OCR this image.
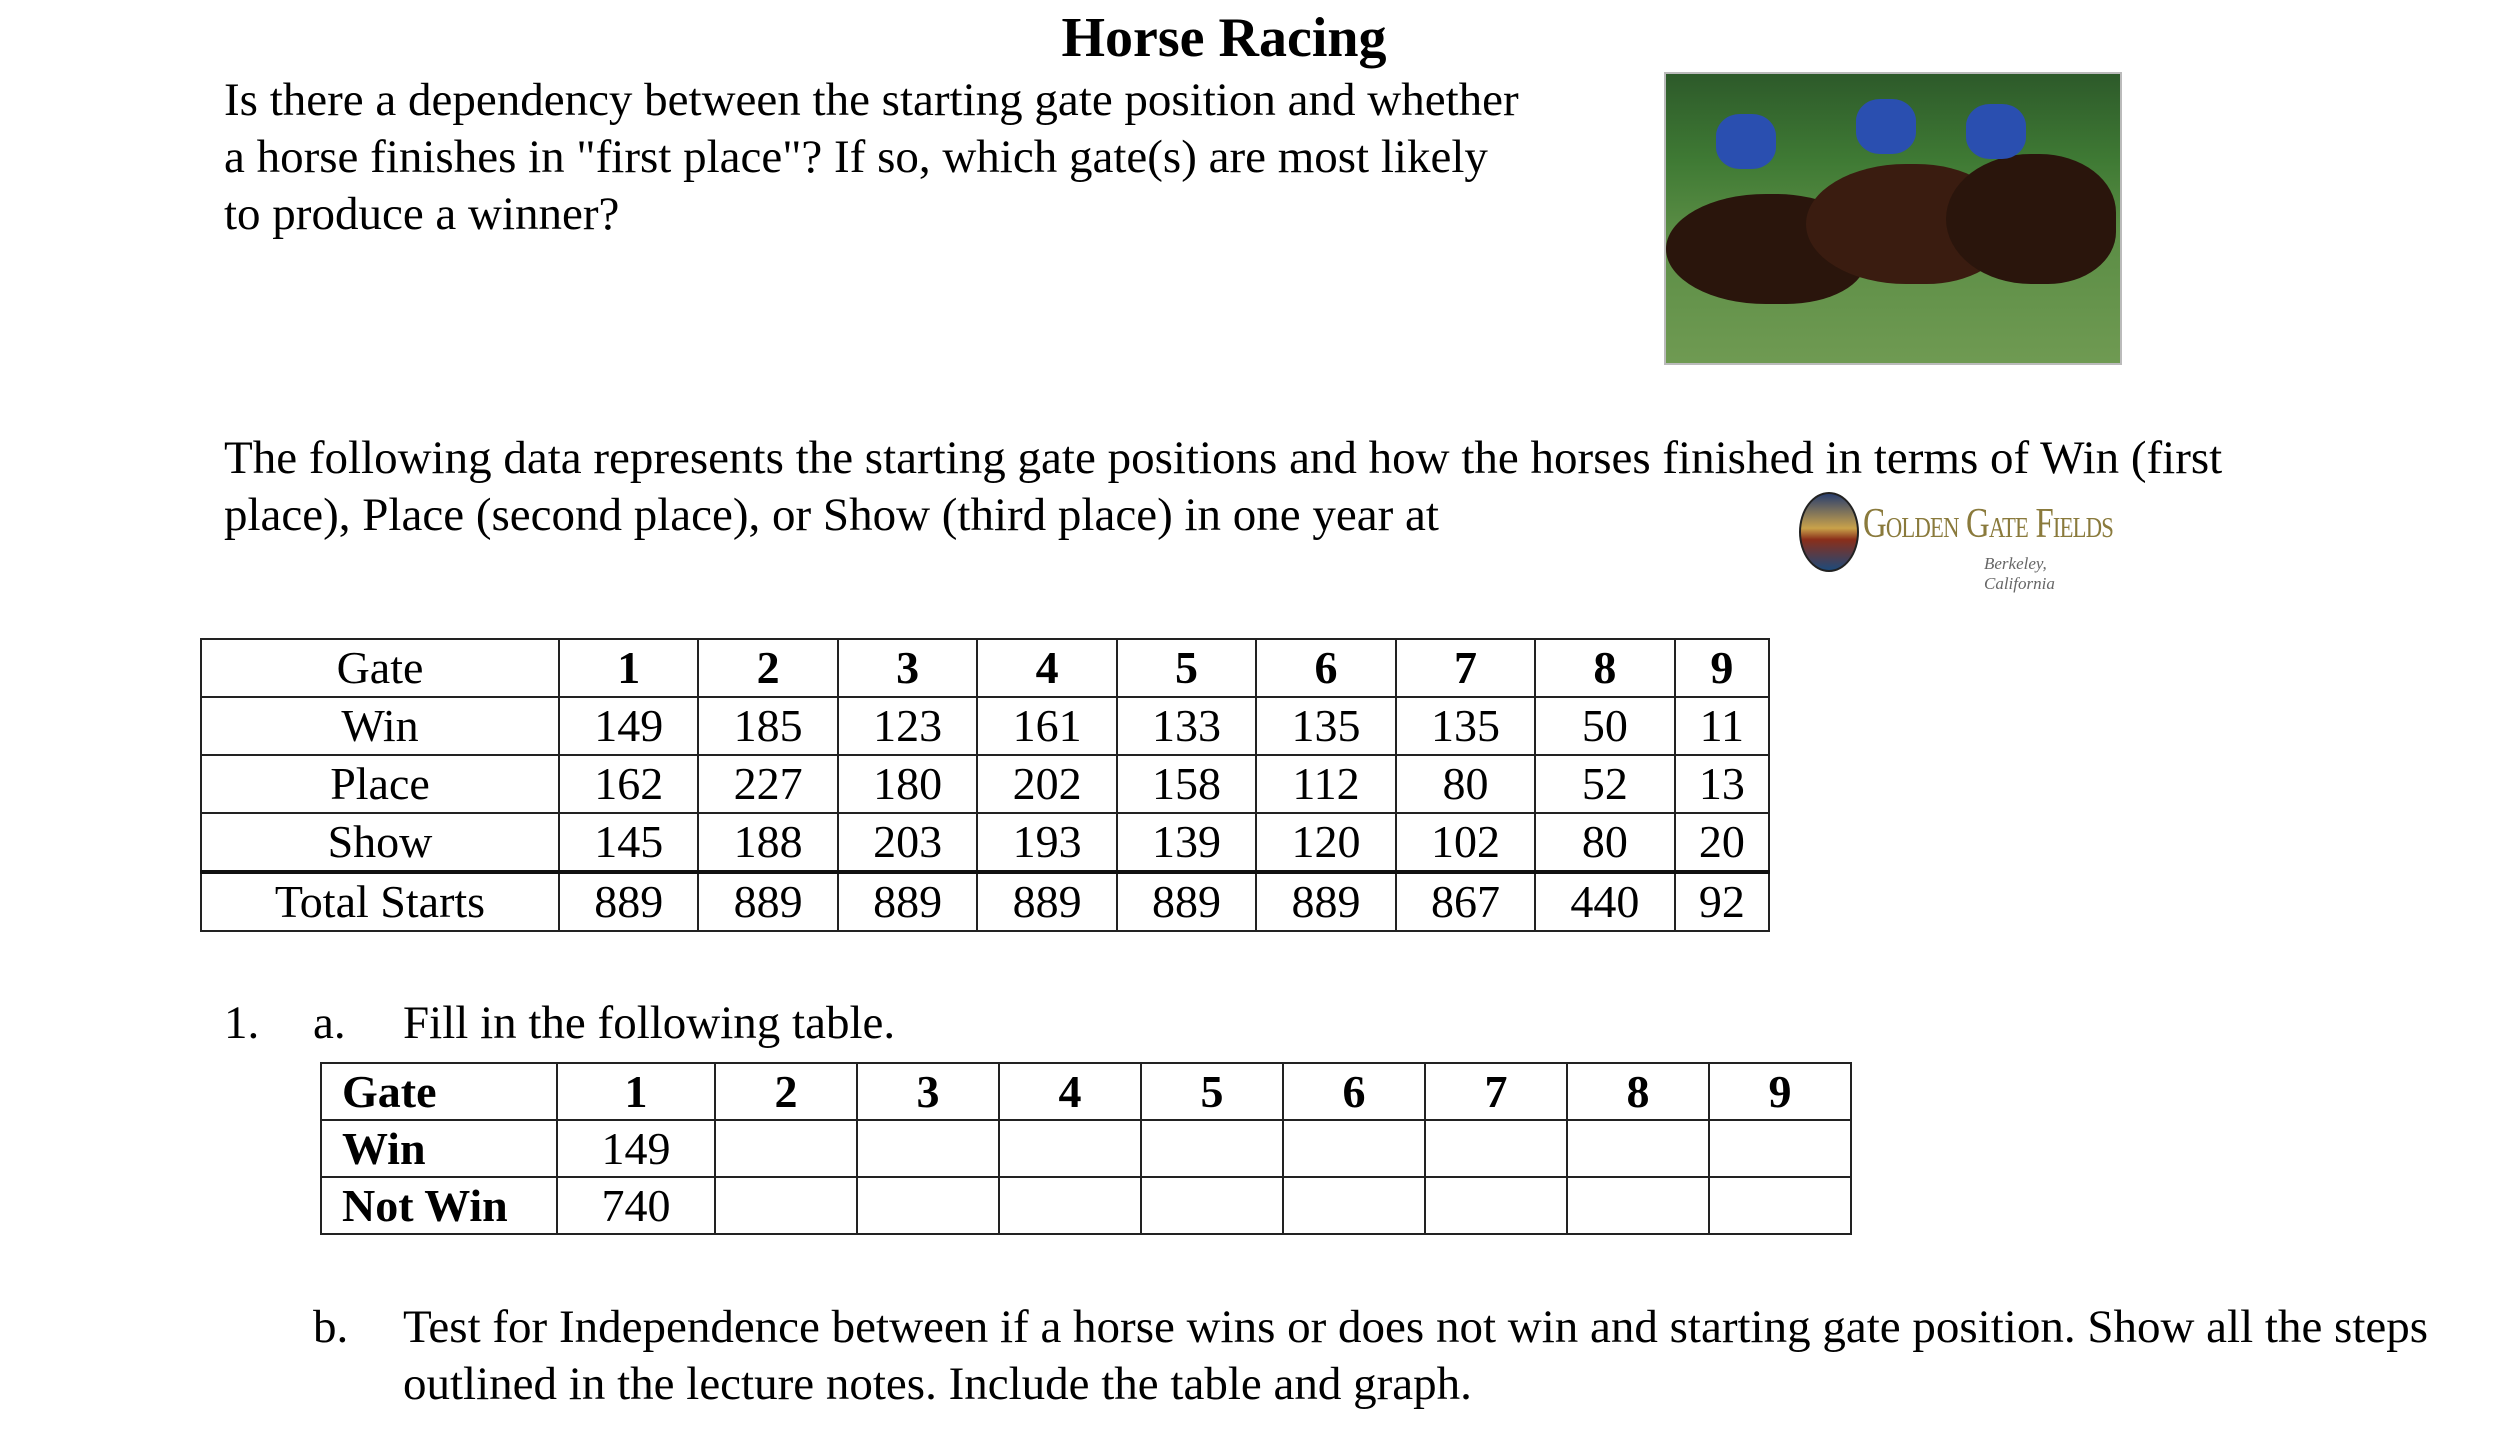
Horse Racing
Is there a dependency between the starting gate position and whether a horse finishes in "first place"? If so, which gate(s) are most likely to produce a winner?
The following data represents the starting gate positions and how the horses finished in terms of Win (first place), Place (second place), or Show (third place) in one year at	Golden Gate Fields
Berkeley, California
Gate	1	2	3	4	5	6	7	8	9
Win	149	185	123	161	133	135	135	50	11
Place	162	227	180	202	158	112	80	52	13
Show	145	188	203	193	139	120	102	80	20
Total Starts	889	889	889	889	889	889	867	440	92
1. a. Fill in the following table.
Gate	1	2	3	4	5	6	7	8	9
Win	149								
Not Win	740								
b. Test for Independence between if a horse wins or does not win and starting gate position. Show all the steps outlined in the lecture notes. Include the table and graph.
